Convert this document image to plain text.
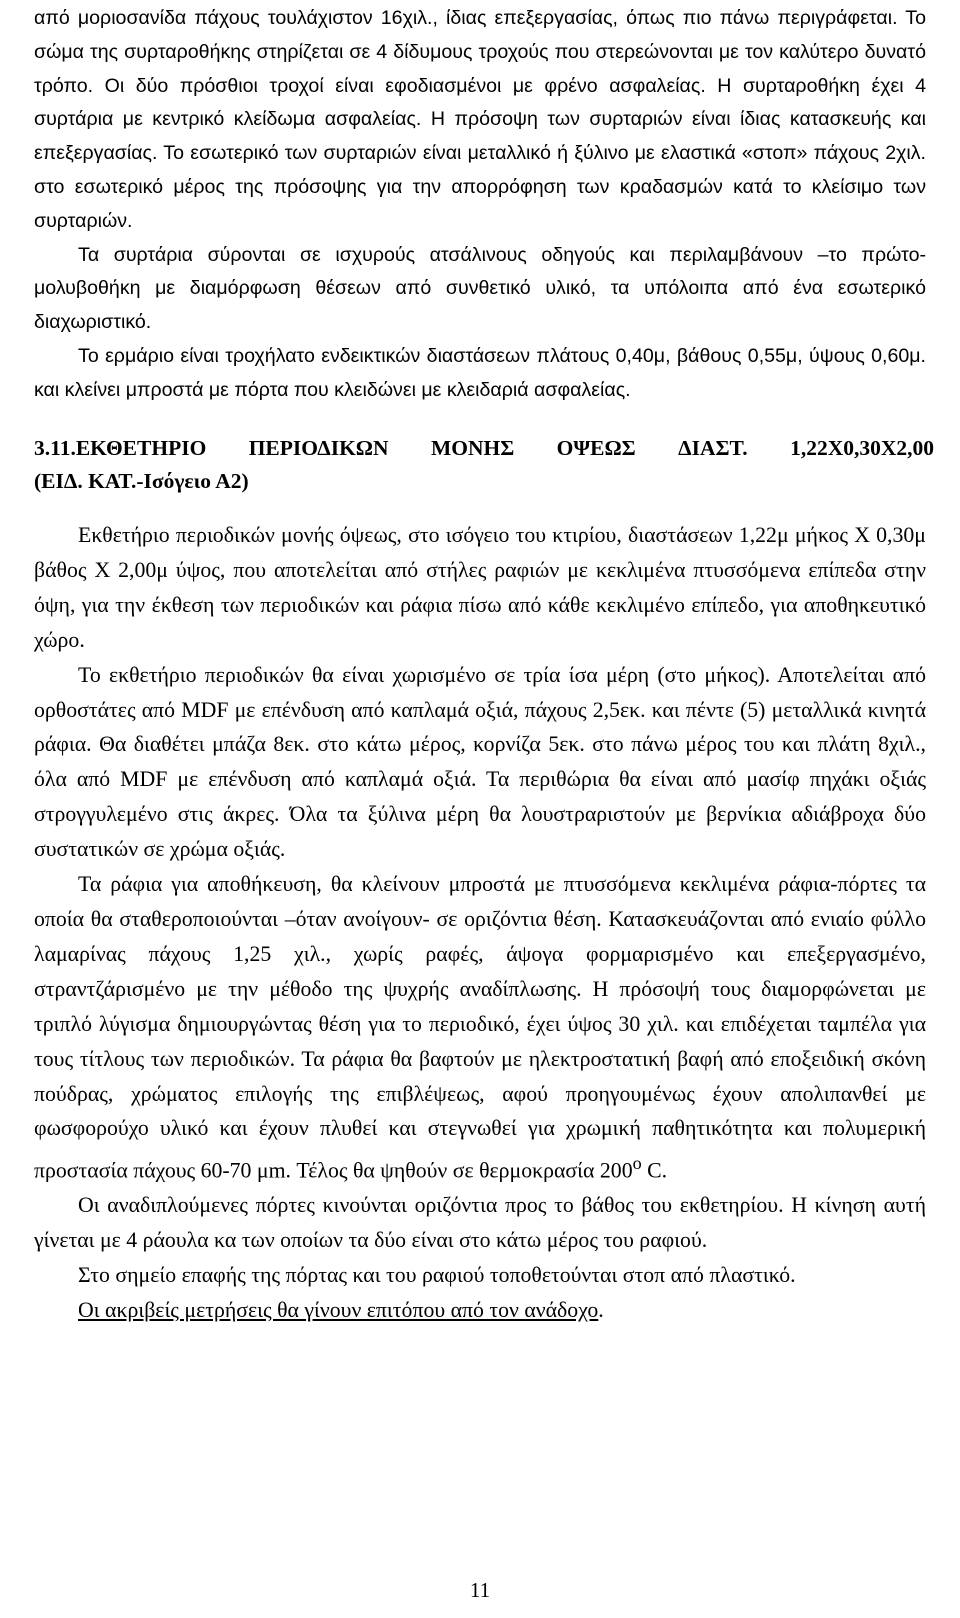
από μοριοσανίδα πάχους τουλάχιστον 16χιλ., ίδιας επεξεργασίας, όπως πιο πάνω περιγράφεται. Το σώμα της συρταροθήκης στηρίζεται σε 4 δίδυμους τροχούς που στερεώνονται με τον καλύτερο δυνατό τρόπο. Οι δύο πρόσθιοι τροχοί είναι εφοδιασμένοι με φρένο ασφαλείας. Η συρταροθήκη έχει 4 συρτάρια με κεντρικό κλείδωμα ασφαλείας. Η πρόσοψη των συρταριών είναι ίδιας κατασκευής και επεξεργασίας. Το εσωτερικό των συρταριών είναι μεταλλικό ή ξύλινο με ελαστικά «στοπ» πάχους 2χιλ. στο εσωτερικό μέρος της πρόσοψης για την απορρόφηση των κραδασμών κατά το κλείσιμο των συρταριών.

Τα συρτάρια σύρονται σε ισχυρούς ατσάλινους οδηγούς και περιλαμβάνουν –το πρώτο- μολυβοθήκη με διαμόρφωση θέσεων από συνθετικό υλικό, τα υπόλοιπα από ένα εσωτερικό διαχωριστικό.

Το ερμάριο είναι τροχήλατο ενδεικτικών διαστάσεων πλάτους 0,40μ, βάθους 0,55μ, ύψους 0,60μ. και κλείνει μπροστά με πόρτα που κλειδώνει με κλειδαριά ασφαλείας.

3.11.ΕΚΘΕΤΗΡΙΟ ΠΕΡΙΟΔΙΚΩΝ ΜΟΝΗΣ ΟΨΕΩΣ ΔΙΑΣΤ. 1,22Χ0,30Χ2,00
(ΕΙΔ. ΚΑΤ.-Ισόγειο Α2)

Εκθετήριο περιοδικών μονής όψεως, στο ισόγειο του κτιρίου, διαστάσεων 1,22μ μήκος Χ 0,30μ βάθος Χ 2,00μ ύψος, που αποτελείται από στήλες ραφιών με κεκλιμένα πτυσσόμενα επίπεδα στην όψη, για την έκθεση των περιοδικών και ράφια πίσω από κάθε κεκλιμένο επίπεδο, για αποθηκευτικό χώρο.

Το εκθετήριο περιοδικών θα είναι χωρισμένο σε τρία ίσα μέρη (στο μήκος). Αποτελείται από ορθοστάτες από MDF με επένδυση από καπλαμά οξιά, πάχους 2,5εκ. και πέντε (5) μεταλλικά κινητά ράφια. Θα διαθέτει μπάζα 8εκ. στο κάτω μέρος, κορνίζα 5εκ. στο πάνω μέρος του και πλάτη 8χιλ., όλα από MDF με επένδυση από καπλαμά οξιά. Τα περιθώρια θα είναι από μασίφ πηχάκι οξιάς στρογγυλεμένο στις άκρες. Όλα τα ξύλινα μέρη θα λουστραριστούν με βερνίκια αδιάβροχα δύο συστατικών σε χρώμα οξιάς.

Τα ράφια για αποθήκευση, θα κλείνουν μπροστά με πτυσσόμενα κεκλιμένα ράφια-πόρτες τα οποία θα σταθεροποιούνται –όταν ανοίγουν- σε οριζόντια θέση. Κατασκευάζονται από ενιαίο φύλλο λαμαρίνας πάχους 1,25 χιλ., χωρίς ραφές, άψογα φορμαρισμένο και επεξεργασμένο, στραντζάρισμένο με την μέθοδο της ψυχρής αναδίπλωσης. Η πρόσοψή τους διαμορφώνεται με τριπλό λύγισμα δημιουργώντας θέση για το περιοδικό, έχει ύψος 30 χιλ. και επιδέχεται ταμπέλα για τους τίτλους των περιοδικών. Τα ράφια θα βαφτούν με ηλεκτροστατική βαφή από εποξειδική σκόνη πούδρας, χρώματος επιλογής της επιβλέψεως, αφού προηγουμένως έχουν απολιπανθεί με φωσφορούχο υλικό και έχουν πλυθεί και στεγνωθεί για χρωμική παθητικότητα και πολυμερική προστασία πάχους 60-70 μm. Τέλος θα ψηθούν σε θερμοκρασία $200^o$ C.

Οι αναδιπλούμενες πόρτες κινούνται οριζόντια προς το βάθος του εκθετηρίου. Η κίνηση αυτή γίνεται με 4 ράουλα κα των οποίων τα δύο είναι στο κάτω μέρος του ραφιού.

Στο σημείο επαφής της πόρτας και του ραφιού τοποθετούνται στοπ από πλαστικό.

Οι ακριβείς μετρήσεις θα γίνουν επιτόπου από τον ανάδοχο.

11
